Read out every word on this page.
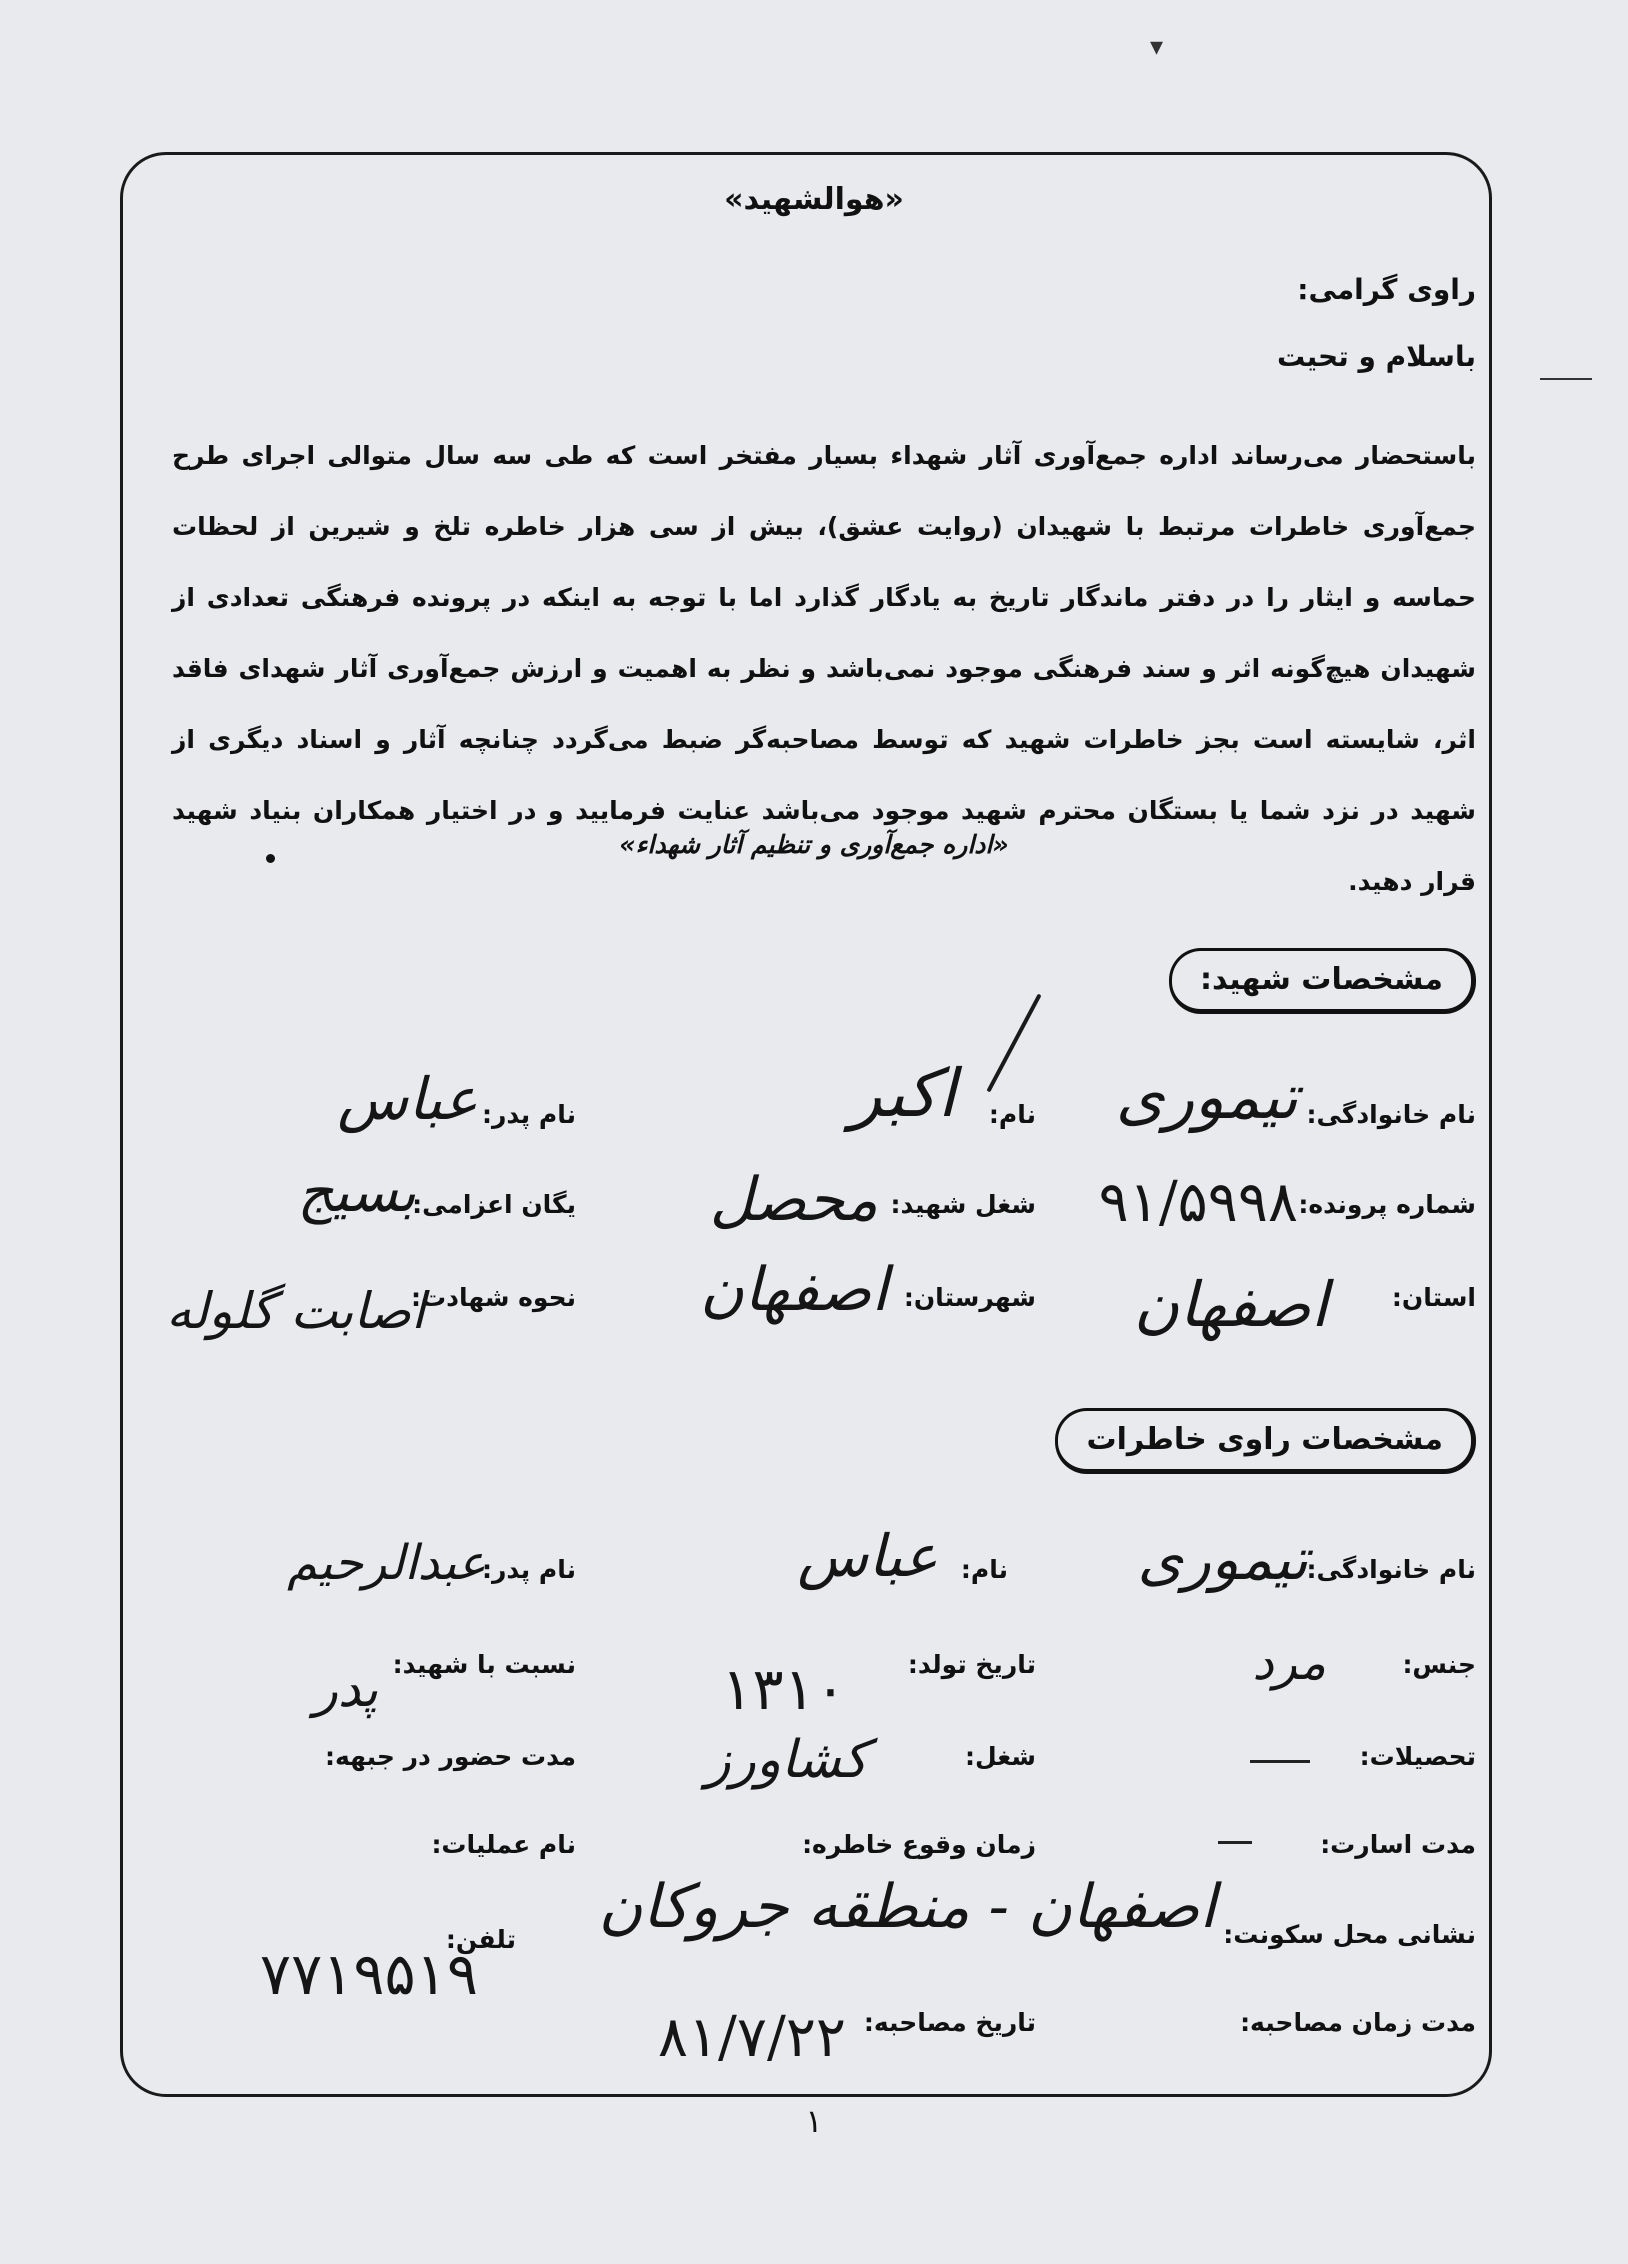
▾
«هوالشهید»
راوی گرامی:
باسلام و تحیت
باستحضار می‌رساند اداره جمع‌آوری آثار شهداء بسیار مفتخر است که طی سه سال متوالی اجرای طرح جمع‌آوری خاطرات مرتبط با شهیدان (روایت عشق)، بیش از سی هزار خاطره تلخ و شیرین از لحظات حماسه و ایثار را در دفتر ماندگار تاریخ به یادگار گذارد اما با توجه به اینکه در پرونده فرهنگی تعدادی از شهیدان هیچ‌گونه اثر و سند فرهنگی موجود نمی‌باشد و نظر به اهمیت و ارزش جمع‌آوری آثار شهدای فاقد اثر، شایسته است بجز خاطرات شهید که توسط مصاحبه‌گر ضبط می‌گردد چنانچه آثار و اسناد دیگری از شهید در نزد شما یا بستگان محترم شهید موجود می‌باشد عنایت فرمایید و در اختیار همکاران بنیاد شهید قرار دهید.
«اداره جمع‌آوری و تنظیم آثار شهداء»
مشخصات شهید:
نام خانوادگی:
تیموری
نام:
اکبر
نام پدر:
عباس
شماره پرونده:
۹۱/۵۹۹۸
شغل شهید:
محصل
یگان اعزامی:
بسیج
استان:
اصفهان
شهرستان:
اصفهان
نحوه شهادت:
اصابت گلوله
مشخصات راوی خاطرات
نام خانوادگی:
تیموری
نام:
عباس
نام پدر:
عبدالرحیم
جنس:
مرد
تاریخ تولد:
۱۳۱۰
نسبت با شهید:
پدر
تحصیلات:
شغل:
کشاورز
مدت حضور در جبهه:
مدت اسارت:
زمان وقوع خاطره:
نام عملیات:
نشانی محل سکونت:
اصفهان - منطقه جروکان
تلفن:
۷۷۱۹۵۱۹
مدت زمان مصاحبه:
تاریخ مصاحبه:
۸۱/۷/۲۲
۱
